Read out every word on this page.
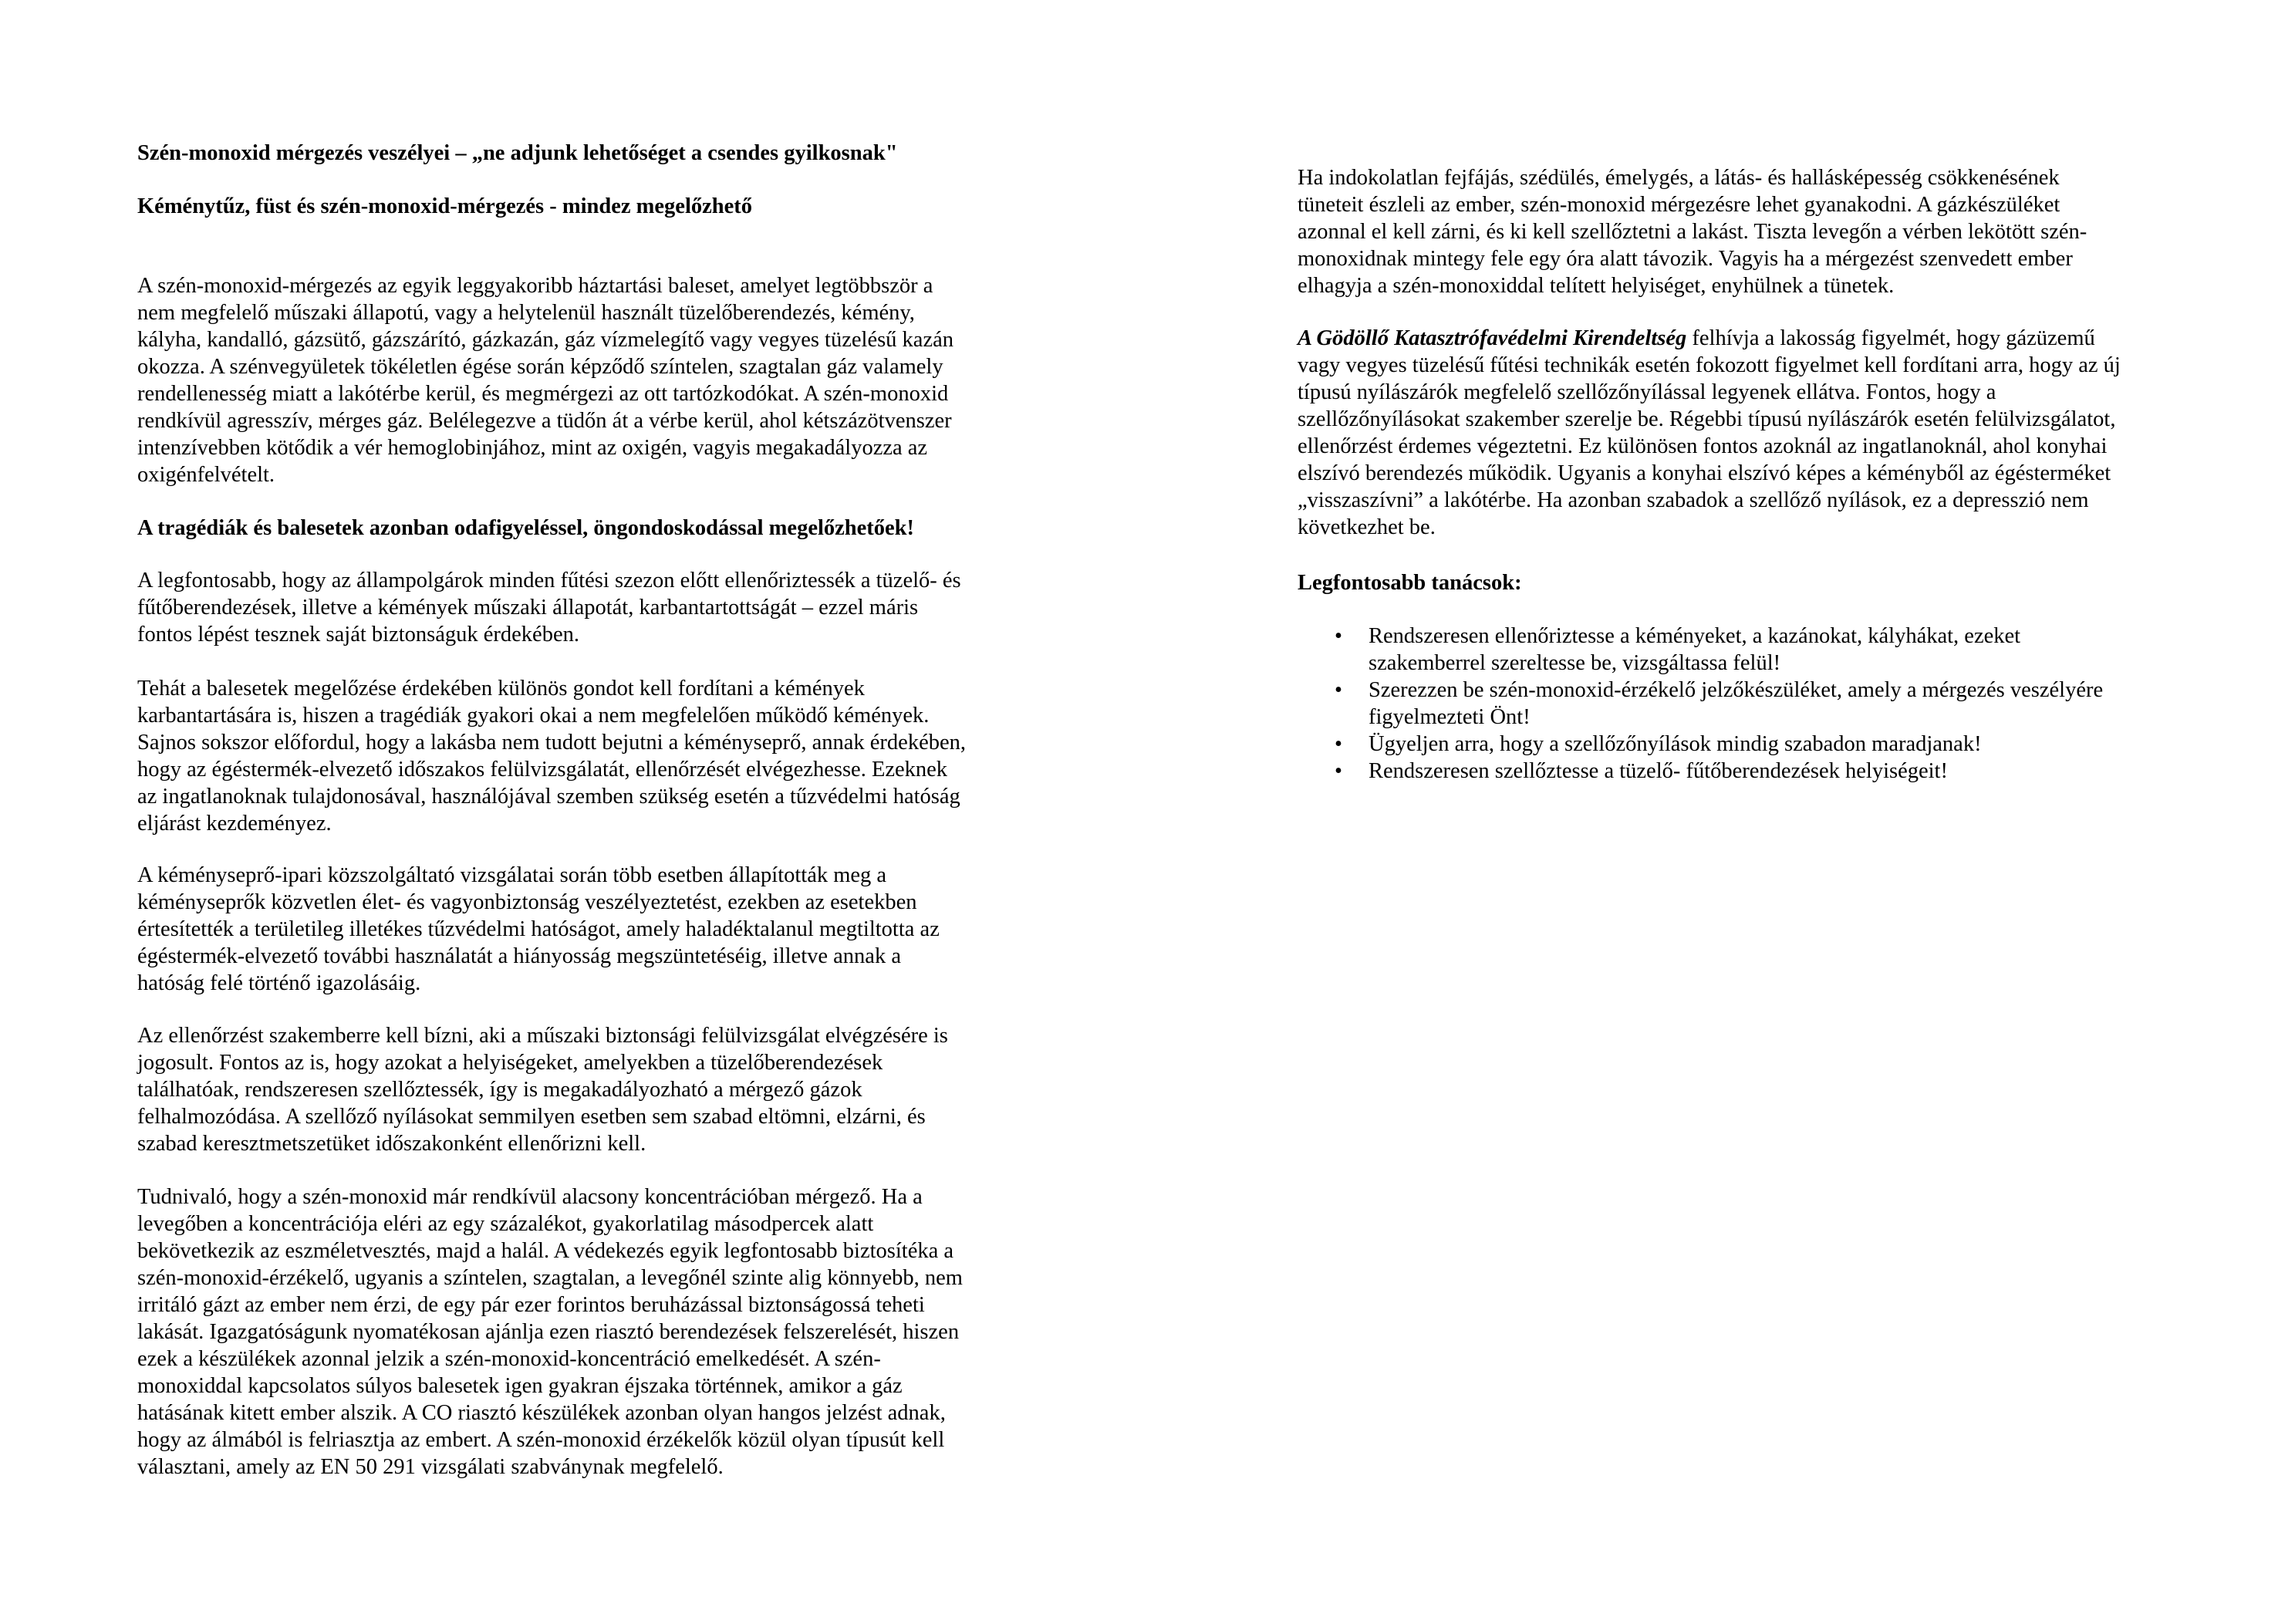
Szén-monoxid mérgezés veszélyei – „ne adjunk lehetőséget a csendes gyilkosnak"
Kéménytűz, füst és szén-monoxid-mérgezés - mindez megelőzhető

A szén-monoxid-mérgezés az egyik leggyakoribb háztartási baleset, amelyet legtöbbször a
nem megfelelő műszaki állapotú, vagy a helytelenül használt tüzelőberendezés, kémény,
kályha, kandalló, gázsütő, gázszárító, gázkazán, gáz vízmelegítő vagy vegyes tüzelésű kazán
okozza. A szénvegyületek tökéletlen égése során képződő színtelen, szagtalan gáz valamely
rendellenesség miatt a lakótérbe kerül, és megmérgezi az ott tartózkodókat. A szén-monoxid
rendkívül agresszív, mérges gáz. Belélegezve a tüdőn át a vérbe kerül, ahol kétszázötvenszer
intenzívebben kötődik a vér hemoglobinjához, mint az oxigén, vagyis megakadályozza az
oxigénfelvételt.

A tragédiák és balesetek azonban odafigyeléssel, öngondoskodással megelőzhetőek!

A legfontosabb, hogy az állampolgárok minden fűtési szezon előtt ellenőriztessék a tüzelő- és
fűtőberendezések, illetve a kémények műszaki állapotát, karbantartottságát – ezzel máris
fontos lépést tesznek saját biztonságuk érdekében.

Tehát a balesetek megelőzése érdekében különös gondot kell fordítani a kémények
karbantartására is, hiszen a tragédiák gyakori okai a nem megfelelően működő kémények.
Sajnos sokszor előfordul, hogy a lakásba nem tudott bejutni a kéményseprő, annak érdekében,
hogy az égéstermék-elvezető időszakos felülvizsgálatát, ellenőrzését elvégezhesse. Ezeknek
az ingatlanoknak tulajdonosával, használójával szemben szükség esetén a tűzvédelmi hatóság
eljárást kezdeményez.

A kéményseprő-ipari közszolgáltató vizsgálatai során több esetben állapították meg a
kéményseprők közvetlen élet- és vagyonbiztonság veszélyeztetést, ezekben az esetekben
értesítették a területileg illetékes tűzvédelmi hatóságot, amely haladéktalanul megtiltotta az
égéstermék-elvezető további használatát a hiányosság megszüntetéséig, illetve annak a
hatóság felé történő igazolásáig.

Az ellenőrzést szakemberre kell bízni, aki a műszaki biztonsági felülvizsgálat elvégzésére is
jogosult. Fontos az is, hogy azokat a helyiségeket, amelyekben a tüzelőberendezések
találhatóak, rendszeresen szellőztessék, így is megakadályozható a mérgező gázok
felhalmozódása. A szellőző nyílásokat semmilyen esetben sem szabad eltömni, elzárni, és
szabad keresztmetszetüket időszakonként ellenőrizni kell.

Tudnivaló, hogy a szén-monoxid már rendkívül alacsony koncentrációban mérgező. Ha a
levegőben a koncentrációja eléri az egy százalékot, gyakorlatilag másodpercek alatt
bekövetkezik az eszméletvesztés, majd a halál. A védekezés egyik legfontosabb biztosítéka a
szén-monoxid-érzékelő, ugyanis a színtelen, szagtalan, a levegőnél szinte alig könnyebb, nem
irritáló gázt az ember nem érzi, de egy pár ezer forintos beruházással biztonságossá teheti
lakását. Igazgatóságunk nyomatékosan ajánlja ezen riasztó berendezések felszerelését, hiszen
ezek a készülékek azonnal jelzik a szén-monoxid-koncentráció emelkedését. A szén-
monoxiddal kapcsolatos súlyos balesetek igen gyakran éjszaka történnek, amikor a gáz
hatásának kitett ember alszik. A CO riasztó készülékek azonban olyan hangos jelzést adnak,
hogy az álmából is felriasztja az embert. A szén-monoxid érzékelők közül olyan típusút kell
választani, amely az EN 50 291 vizsgálati szabványnak megfelelő.

Ha indokolatlan fejfájás, szédülés, émelygés, a látás- és hallásképesség csökkenésének
tüneteit észleli az ember, szén-monoxid mérgezésre lehet gyanakodni. A gázkészüléket
azonnal el kell zárni, és ki kell szellőztetni a lakást. Tiszta levegőn a vérben lekötött szén-
monoxidnak mintegy fele egy óra alatt távozik. Vagyis ha a mérgezést szenvedett ember
elhagyja a szén-monoxiddal telített helyiséget, enyhülnek a tünetek.

A Gödöllő Katasztrófavédelmi Kirendeltség felhívja a lakosság figyelmét, hogy gázüzemű
vagy vegyes tüzelésű fűtési technikák esetén fokozott figyelmet kell fordítani arra, hogy az új
típusú nyílászárók megfelelő szellőzőnyílással legyenek ellátva. Fontos, hogy a
szellőzőnyílásokat szakember szerelje be. Régebbi típusú nyílászárók esetén felülvizsgálatot,
ellenőrzést érdemes végeztetni. Ez különösen fontos azoknál az ingatlanoknál, ahol konyhai
elszívó berendezés működik. Ugyanis a konyhai elszívó képes a kéményből az égésterméket
„visszaszívni” a lakótérbe. Ha azonban szabadok a szellőző nyílások, ez a depresszió nem
következhet be.

Legfontosabb tanácsok:
• Rendszeresen ellenőriztesse a kéményeket, a kazánokat, kályhákat, ezeket
szakemberrel szereltesse be, vizsgáltassa felül!
• Szerezzen be szén-monoxid-érzékelő jelzőkészüléket, amely a mérgezés veszélyére
figyelmezteti Önt!
• Ügyeljen arra, hogy a szellőzőnyílások mindig szabadon maradjanak!
• Rendszeresen szellőztesse a tüzelő- fűtőberendezések helyiségeit!
